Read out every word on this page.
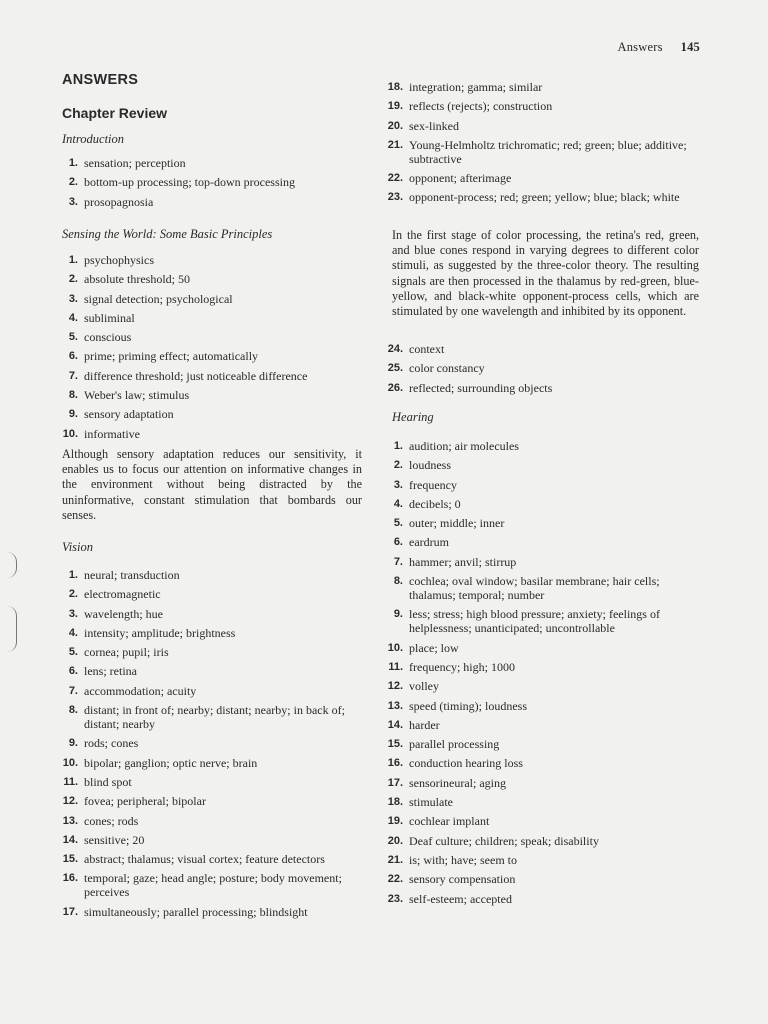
Answers 145
ANSWERS
Chapter Review
Introduction
1. sensation; perception
2. bottom-up processing; top-down processing
3. prosopagnosia
Sensing the World: Some Basic Principles
1. psychophysics
2. absolute threshold; 50
3. signal detection; psychological
4. subliminal
5. conscious
6. prime; priming effect; automatically
7. difference threshold; just noticeable difference
8. Weber's law; stimulus
9. sensory adaptation
10. informative
Although sensory adaptation reduces our sensitivity, it enables us to focus our attention on informative changes in the environment without being distracted by the uninformative, constant stimulation that bombards our senses.
Vision
1. neural; transduction
2. electromagnetic
3. wavelength; hue
4. intensity; amplitude; brightness
5. cornea; pupil; iris
6. lens; retina
7. accommodation; acuity
8. distant; in front of; nearby; distant; nearby; in back of; distant; nearby
9. rods; cones
10. bipolar; ganglion; optic nerve; brain
11. blind spot
12. fovea; peripheral; bipolar
13. cones; rods
14. sensitive; 20
15. abstract; thalamus; visual cortex; feature detectors
16. temporal; gaze; head angle; posture; body movement; perceives
17. simultaneously; parallel processing; blindsight
18. integration; gamma; similar
19. reflects (rejects); construction
20. sex-linked
21. Young-Helmholtz trichromatic; red; green; blue; additive; subtractive
22. opponent; afterimage
23. opponent-process; red; green; yellow; blue; black; white
In the first stage of color processing, the retina's red, green, and blue cones respond in varying degrees to different color stimuli, as suggested by the three-color theory. The resulting signals are then processed in the thalamus by red-green, blue-yellow, and black-white opponent-process cells, which are stimulated by one wavelength and inhibited by its opponent.
24. context
25. color constancy
26. reflected; surrounding objects
Hearing
1. audition; air molecules
2. loudness
3. frequency
4. decibels; 0
5. outer; middle; inner
6. eardrum
7. hammer; anvil; stirrup
8. cochlea; oval window; basilar membrane; hair cells; thalamus; temporal; number
9. less; stress; high blood pressure; anxiety; feelings of helplessness; unanticipated; uncontrollable
10. place; low
11. frequency; high; 1000
12. volley
13. speed (timing); loudness
14. harder
15. parallel processing
16. conduction hearing loss
17. sensorineural; aging
18. stimulate
19. cochlear implant
20. Deaf culture; children; speak; disability
21. is; with; have; seem to
22. sensory compensation
23. self-esteem; accepted
